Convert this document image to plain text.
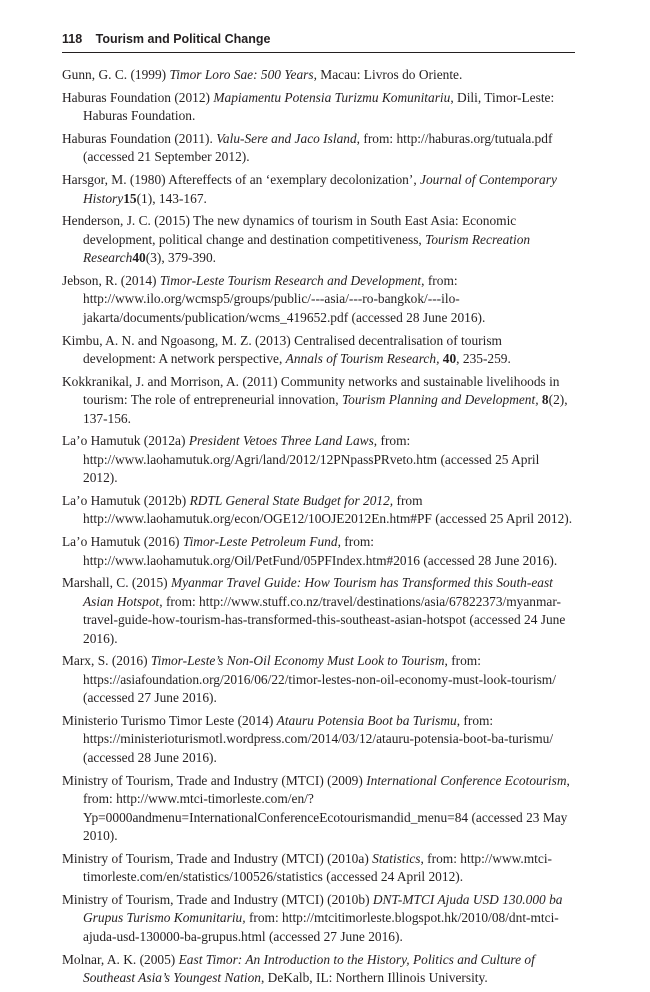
118 Tourism and Political Change

Gunn, G. C. (1999) Timor Loro Sae: 500 Years, Macau: Livros do Oriente.

Haburas Foundation (2012) Mapiamentu Potensia Turizmu Komunitariu, Dili, Timor-Leste: Haburas Foundation.

Haburas Foundation (2011). Valu-Sere and Jaco Island, from: http://haburas.org/tutuala.pdf (accessed 21 September 2012).

Harsgor, M. (1980) Aftereffects of an ‘exemplary decolonization’, Journal of Contemporary History15(1), 143-167.

Henderson, J. C. (2015) The new dynamics of tourism in South East Asia: Economic development, political change and destination competitiveness, Tourism Recreation Research40(3), 379-390.

Jebson, R. (2014) Timor-Leste Tourism Research and Development, from: http://www.ilo.org/wcmsp5/groups/public/---asia/---ro-bangkok/---ilo-jakarta/documents/publication/wcms_419652.pdf (accessed 28 June 2016).

Kimbu, A. N. and Ngoasong, M. Z. (2013) Centralised decentralisation of tourism development: A network perspective, Annals of Tourism Research, 40, 235-259.

Kokkranikal, J. and Morrison, A. (2011) Community networks and sustainable livelihoods in tourism: The role of entrepreneurial innovation, Tourism Planning and Development, 8(2), 137-156.

La’o Hamutuk (2012a) President Vetoes Three Land Laws, from: http://www.laohamutuk.org/Agri/land/2012/12PNpassPRveto.htm (accessed 25 April 2012).

La’o Hamutuk (2012b) RDTL General State Budget for 2012, from http://www.laohamutuk.org/econ/OGE12/10OJE2012En.htm#PF (accessed 25 April 2012).

La’o Hamutuk (2016) Timor-Leste Petroleum Fund, from: http://www.laohamutuk.org/Oil/PetFund/05PFIndex.htm#2016 (accessed 28 June 2016).

Marshall, C. (2015) Myanmar Travel Guide: How Tourism has Transformed this South-east Asian Hotspot, from: http://www.stuff.co.nz/travel/destinations/asia/67822373/myanmar-travel-guide-how-tourism-has-transformed-this-southeast-asian-hotspot (accessed 24 June 2016).

Marx, S. (2016) Timor-Leste’s Non-Oil Economy Must Look to Tourism, from: https://asiafoundation.org/2016/06/22/timor-lestes-non-oil-economy-must-look-tourism/ (accessed 27 June 2016).

Ministerio Turismo Timor Leste (2014) Atauru Potensia Boot ba Turismu, from: https://ministerioturismotl.wordpress.com/2014/03/12/atauru-potensia-boot-ba-turismu/ (accessed 28 June 2016).

Ministry of Tourism, Trade and Industry (MTCI) (2009) International Conference Ecotourism, from: http://www.mtci-timorleste.com/en/?Yp=0000andmenu=InternationalConferenceEcotourismandid_menu=84 (accessed 23 May 2010).

Ministry of Tourism, Trade and Industry (MTCI) (2010a) Statistics, from: http://www.mtci-timorleste.com/en/statistics/100526/statistics (accessed 24 April 2012).

Ministry of Tourism, Trade and Industry (MTCI) (2010b) DNT-MTCI Ajuda USD 130.000 ba Grupus Turismo Komunitariu, from: http://mtcitimorleste.blogspot.hk/2010/08/dnt-mtci-ajuda-usd-130000-ba-grupus.html (accessed 27 June 2016).

Molnar, A. K. (2005) East Timor: An Introduction to the History, Politics and Culture of Southeast Asia’s Youngest Nation, DeKalb, IL: Northern Illinois University.
